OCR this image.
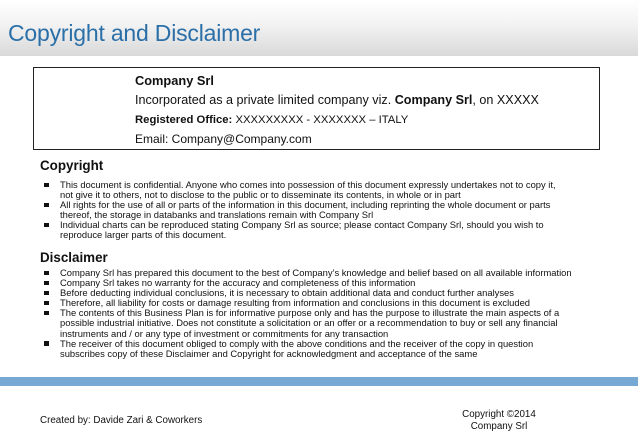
Copyright and Disclaimer
Company Srl
Incorporated as a private limited company viz. Company Srl, on XXXXX
Registered Office: XXXXXXXXX - XXXXXXX – ITALY
Email: Company@Company.com
Copyright
This document is confidential. Anyone who comes into possession of this document expressly undertakes not to copy it,
not give it to others, not to disclose to the public or to disseminate its contents, in whole or in part
All rights for the use of all or parts of the information in this document, including reprinting the whole document or parts
thereof, the storage in databanks and translations remain with Company Srl
Individual charts can be reproduced stating Company Srl as source; please contact Company Srl, should you wish to
reproduce larger parts of this document.
Disclaimer
Company Srl has prepared this document to the best of Company’s knowledge and belief based on all available information
Company Srl takes no warranty for the accuracy and completeness of this information
Before deducting individual conclusions, it is necessary to obtain additional data and conduct further analyses
Therefore, all liability for costs or damage resulting from information and conclusions in this document is excluded
The contents of this Business Plan is for informative purpose only and has the purpose to illustrate the main aspects of a
possible industrial initiative. Does not constitute a solicitation or an offer or a recommendation to buy or sell any financial
instruments and / or any type of investment or commitments for any transaction
The receiver of this document obliged to comply with the above conditions and the receiver of the copy in question
subscribes copy of these Disclaimer and Copyright for acknowledgment and acceptance of the same
Created by: Davide Zari & Coworkers
Copyright ©2014
Company Srl
